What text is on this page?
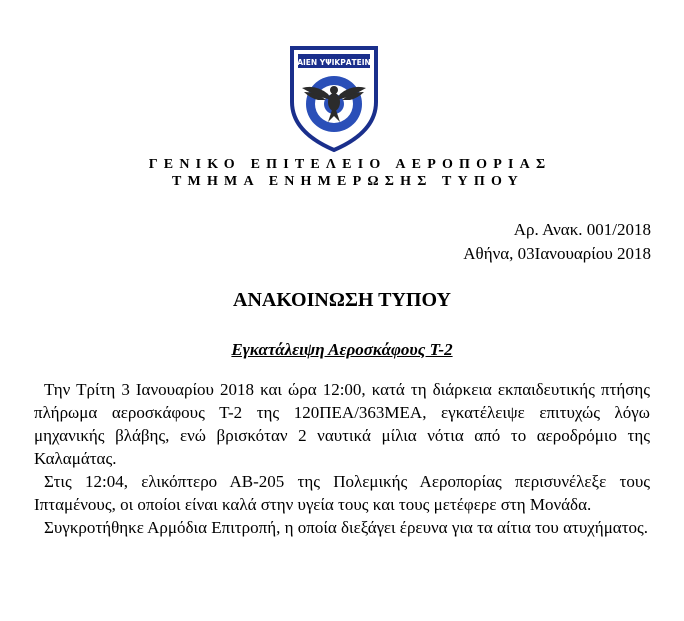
ΑΙΕΝ ΥΨΙΚΡΑΤΕΙΝ
ΓΕΝΙΚΟ ΕΠΙΤΕΛΕΙΟ ΑΕΡΟΠΟΡΙΑΣ
ΤΜΗΜΑ ΕΝΗΜΕΡΩΣΗΣ ΤΥΠΟΥ
Αρ. Ανακ. 001/2018
Αθήνα, 03Ιανουαρίου 2018
ΑΝΑΚΟΙΝΩΣΗ ΤΥΠΟΥ
Εγκατάλειψη Αεροσκάφους Τ-2

Την Τρίτη 3 Ιανουαρίου 2018 και ώρα 12:00, κατά τη διάρκεια εκπαιδευτικής πτήσης πλήρωμα αεροσκάφους Τ-2 της 120ΠΕΑ/363ΜΕΑ, εγκατέλειψε επιτυχώς λόγω μηχανικής βλάβης, ενώ βρισκόταν 2 ναυτικά μίλια νότια από το αεροδρόμιο της Καλαμάτας.

Στις 12:04, ελικόπτερο ΑΒ-205 της Πολεμικής Αεροπορίας περισυνέλεξε τους Ιπταμένους, οι οποίοι είναι καλά στην υγεία τους και τους μετέφερε στη Μονάδα.

Συγκροτήθηκε Αρμόδια Επιτροπή, η οποία διεξάγει έρευνα για τα αίτια του ατυχήματος.
